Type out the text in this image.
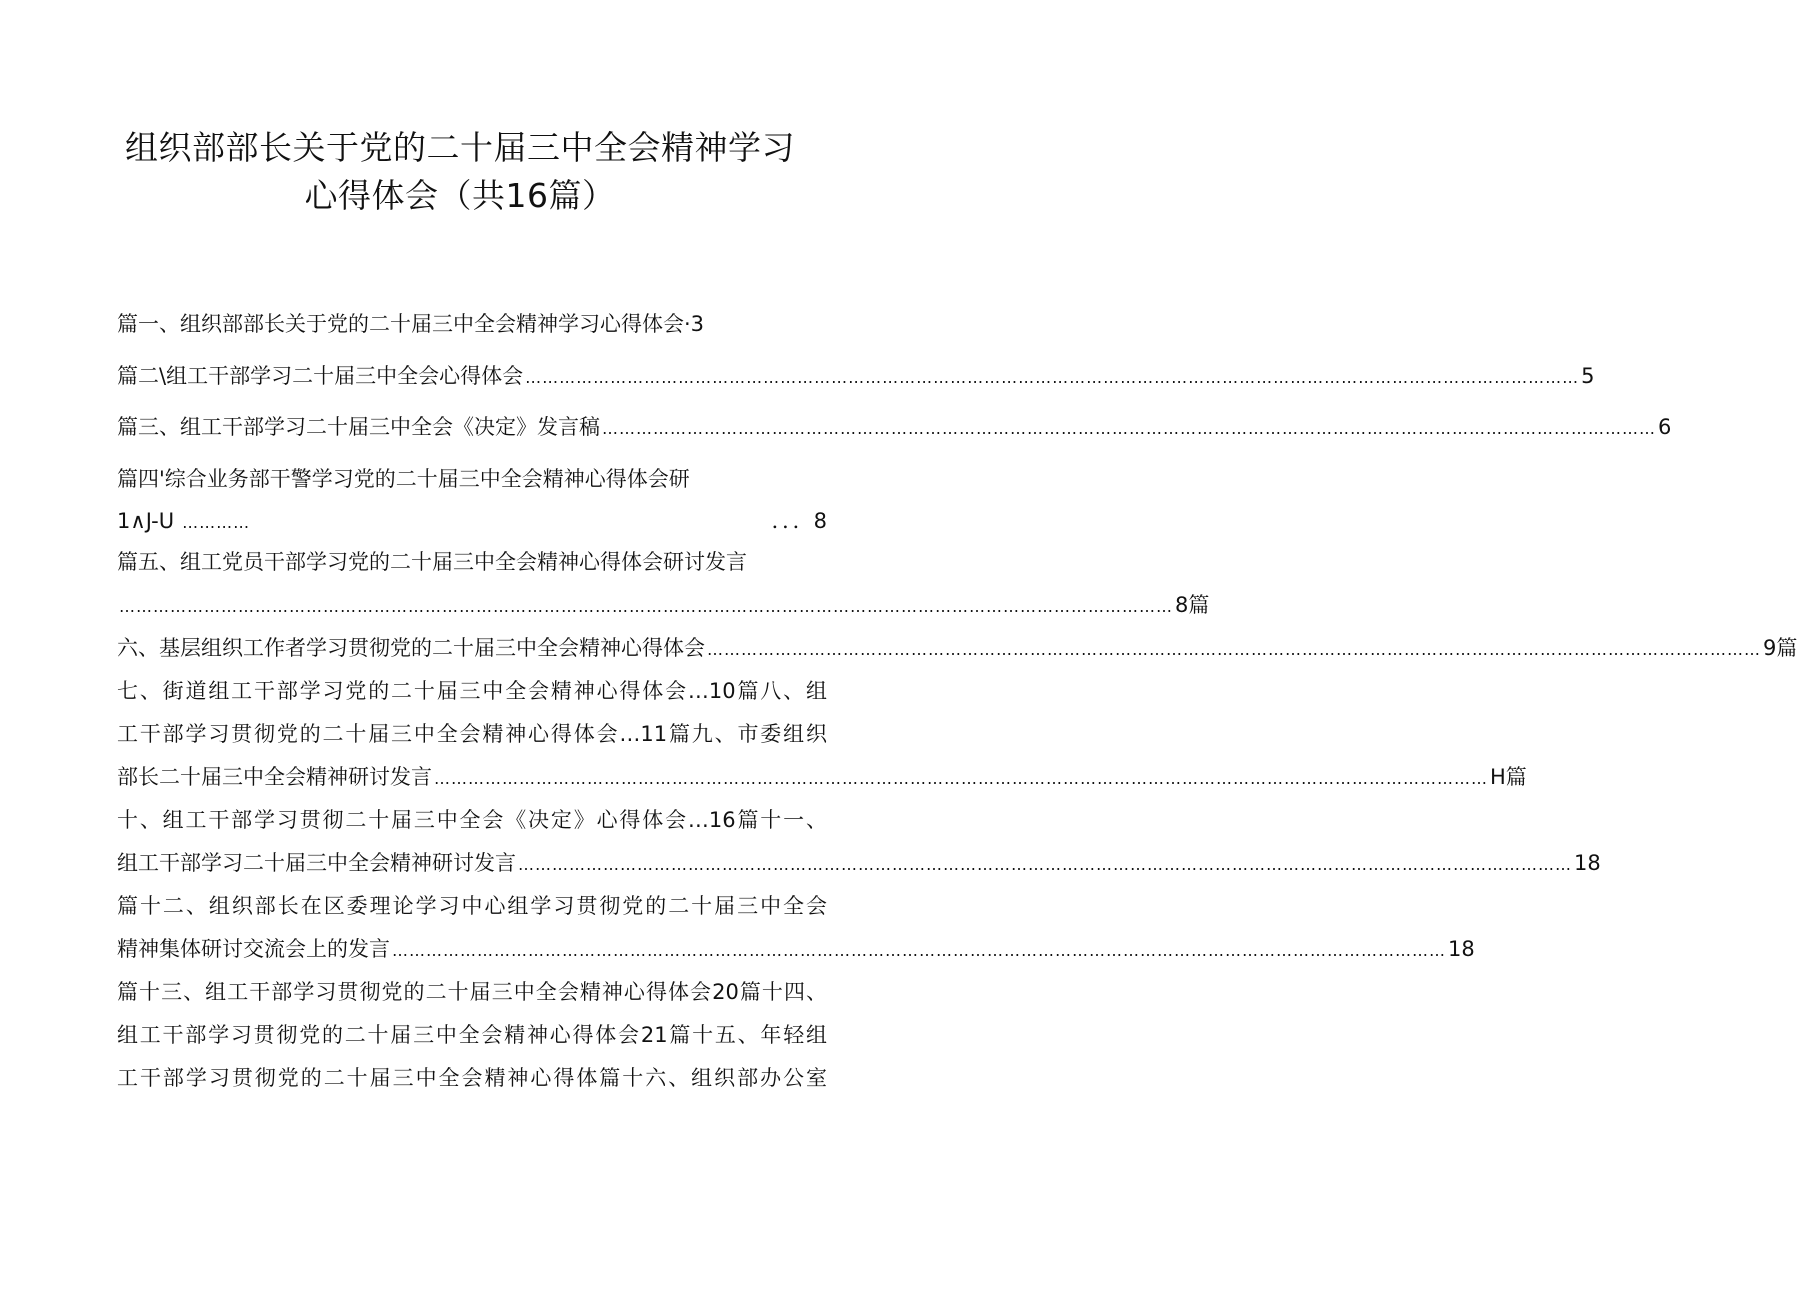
组织部部长关于党的二十届三中全会精神学习
心得体会（共16篇）
篇一、组织部部长关于党的二十届三中全会精神学习心得体会·3
篇二\组工干部学习二十届三中全会心得体会 …………………………………………………………………………………………………………………………………………………………………… 5
篇三、组工干部学习二十届三中全会《决定》发言稿 …………………………………………………………………………………………………………………………………………………………………… 6
篇四'综合业务部干警学习党的二十届三中全会精神心得体会研
1∧J-U …………	．．．8
篇五、组工党员干部学习党的二十届三中全会精神心得体会研讨发言
…………………………………………………………………………………………………………………………………………………………………… 8篇
六、基层组织工作者学习贯彻党的二十届三中全会精神心得体会 …………………………………………………………………………………………………………………………………………………………………… 9篇
七、街道组工干部学习党的二十届三中全会精神心得体会…10篇八、组
工干部学习贯彻党的二十届三中全会精神心得体会…11篇九、市委组织
部长二十届三中全会精神研讨发言 …………………………………………………………………………………………………………………………………………………………………… H篇
十、组工干部学习贯彻二十届三中全会《决定》心得体会…16篇十一、
组工干部学习二十届三中全会精神研讨发言 …………………………………………………………………………………………………………………………………………………………………… 18
篇十二、组织部长在区委理论学习中心组学习贯彻党的二十届三中全会
精神集体研讨交流会上的发言 …………………………………………………………………………………………………………………………………………………………………… 18
篇十三、组工干部学习贯彻党的二十届三中全会精神心得体会20篇十四、
组工干部学习贯彻党的二十届三中全会精神心得体会21篇十五、年轻组
工干部学习贯彻党的二十届三中全会精神心得体篇十六、组织部办公室
